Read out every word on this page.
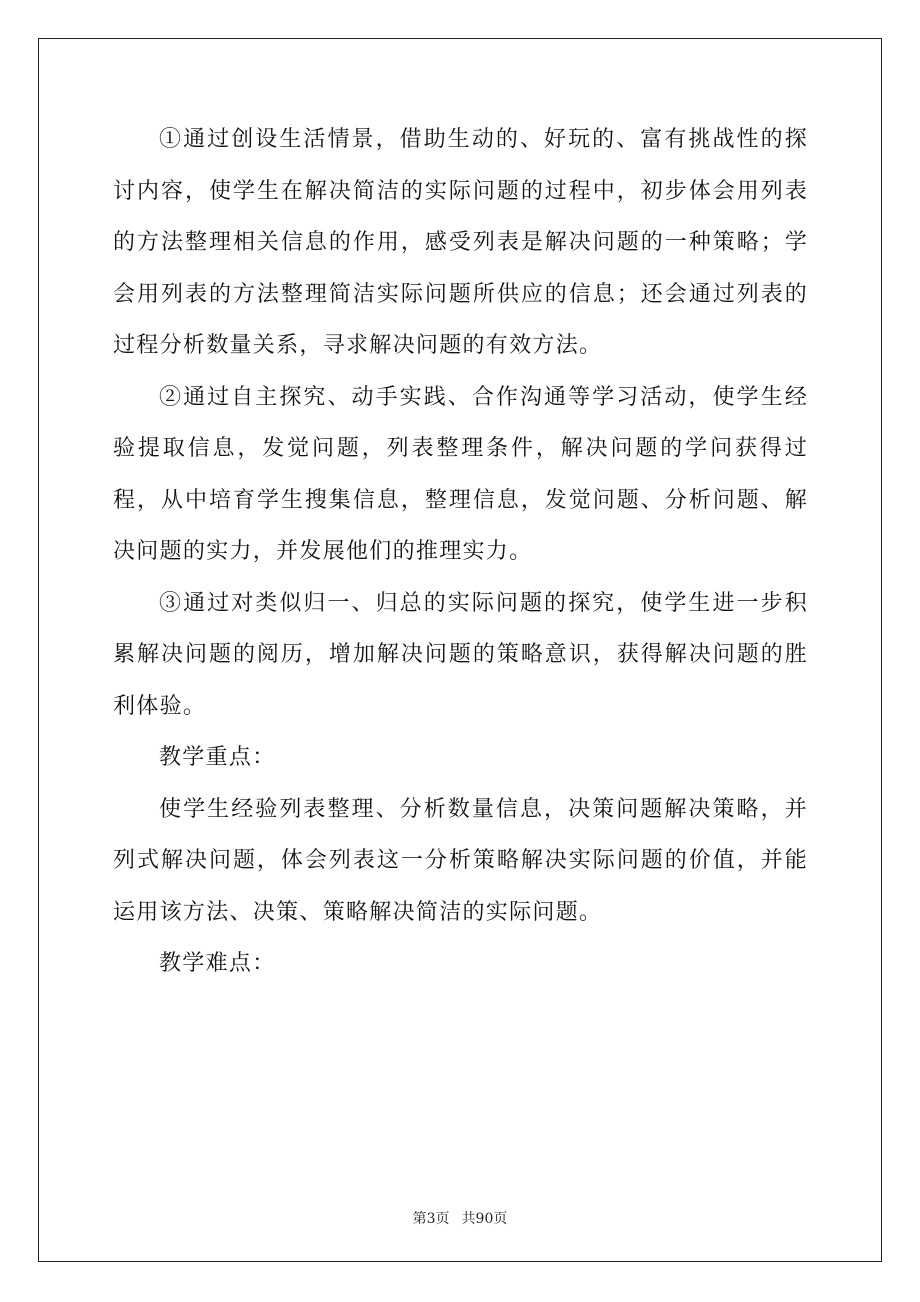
①通过创设生活情景，借助生动的、好玩的、富有挑战性的探讨内容，使学生在解决简洁的实际问题的过程中，初步体会用列表的方法整理相关信息的作用，感受列表是解决问题的一种策略；学会用列表的方法整理简洁实际问题所供应的信息；还会通过列表的过程分析数量关系，寻求解决问题的有效方法。

②通过自主探究、动手实践、合作沟通等学习活动，使学生经验提取信息，发觉问题，列表整理条件，解决问题的学问获得过程，从中培育学生搜集信息，整理信息，发觉问题、分析问题、解决问题的实力，并发展他们的推理实力。

③通过对类似归一、归总的实际问题的探究，使学生进一步积累解决问题的阅历，增加解决问题的策略意识，获得解决问题的胜利体验。

教学重点：

使学生经验列表整理、分析数量信息，决策问题解决策略，并列式解决问题，体会列表这一分析策略解决实际问题的价值，并能运用该方法、决策、策略解决简洁的实际问题。

教学难点：

第3页 共90页
